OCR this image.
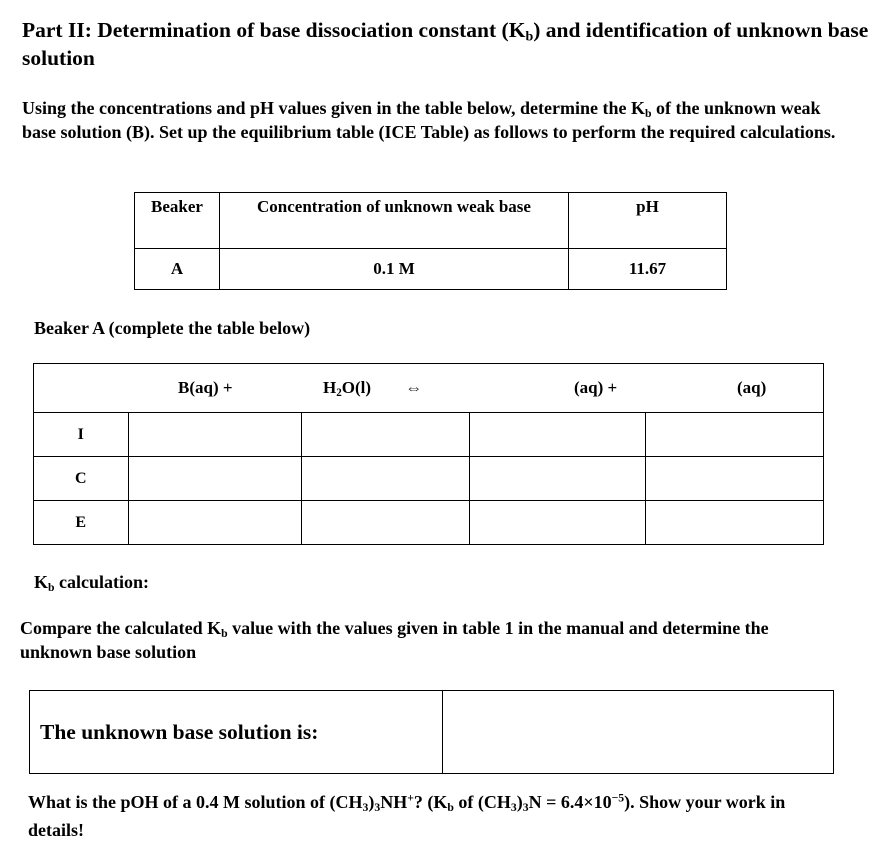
Part II: Determination of base dissociation constant $(K_b)$ and identification of unknown base solution
Using the concentrations and pH values given in the table below, determine the $K_b$ of the unknown weak base solution (B). Set up the equilibrium table (ICE Table) as follows to perform the required calculations.
Beaker	Concentration of unknown weak base	pH
A	0.1 M	11.67
Beaker A (complete the table below)
	B(aq) +	$H_2O(l)$ ⇔	(aq) +	(aq)
I				
C				
E				
$K_b$ calculation:
Compare the calculated $K_b$ value with the values given in table 1 in the manual and determine the unknown base solution
The unknown base solution is:	
What is the pOH of a 0.4 M solution of $(CH_3)_3NH^+$? ($K_b$ of $(CH_3)_3N = 6.4\times 10^{-5}$). Show your work in details!
